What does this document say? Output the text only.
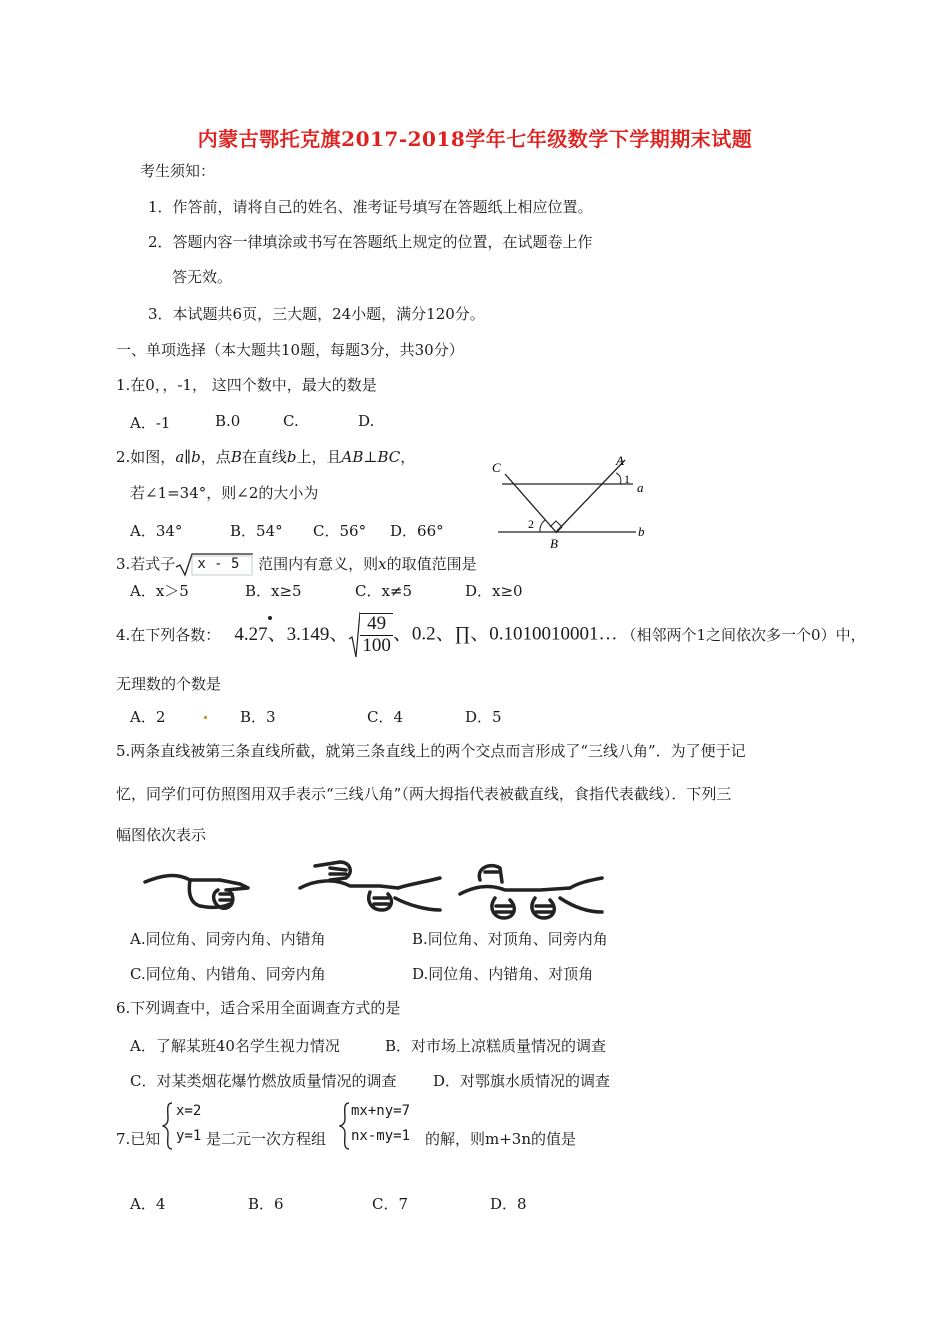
内蒙古鄂托克旗2017-2018学年七年级数学下学期期末试题
考生须知：
1．作答前，请将自己的姓名、准考证号填写在答题纸上相应位置。
2．答题内容一律填涂或书写在答题纸上规定的位置，在试题卷上作
答无效。
3．本试题共6页，三大题，24小题，满分120分。
一、单项选择（本大题共10题，每题3分，共30分）
1.在0，，-1， 这四个数中，最大的数是
A．-1	B.0	C.	D.
2.如图，a∥b，点B在直线b上，且AB⊥BC，
若∠1=34°，则∠2的大小为
A．34°	B．54° C．56° D．66°
C	A
1
a
2
B
b
3.若式子 x - 5 范围内有意义，则x的取值范围是
A．x＞5	B．x≥5	C．x≠5	D．x≥0
4.在下列各数： 4.27、3.149、 $\frac{49}{100}$ 、0.2、∏、0.1010010001… （相邻两个1之间依次多一个0）中，
无理数的个数是
A．2	B．3	C．4	D．5
5.两条直线被第三条直线所截，就第三条直线上的两个交点而言形成了“三线八角”．为了便于记
忆，同学们可仿照图用双手表示“三线八角”（两大拇指代表被截直线，食指代表截线）．下列三
幅图依次表示
A.同位角、同旁内角、内错角	B.同位角、对顶角、同旁内角
C.同位角、内错角、同旁内角	D.同位角、内错角、对顶角
6.下列调查中，适合采用全面调查方式的是
A．了解某班40名学生视力情况	B．对市场上凉糕质量情况的调查
C．对某类烟花爆竹燃放质量情况的调查 D．对鄂旗水质情况的调查
7.已知
x=2
y=1 是二元一次方程组
mx+ny=7
nx-my=1 的解，则m+3n的值是
A．4	B．6	C．7	D．8
